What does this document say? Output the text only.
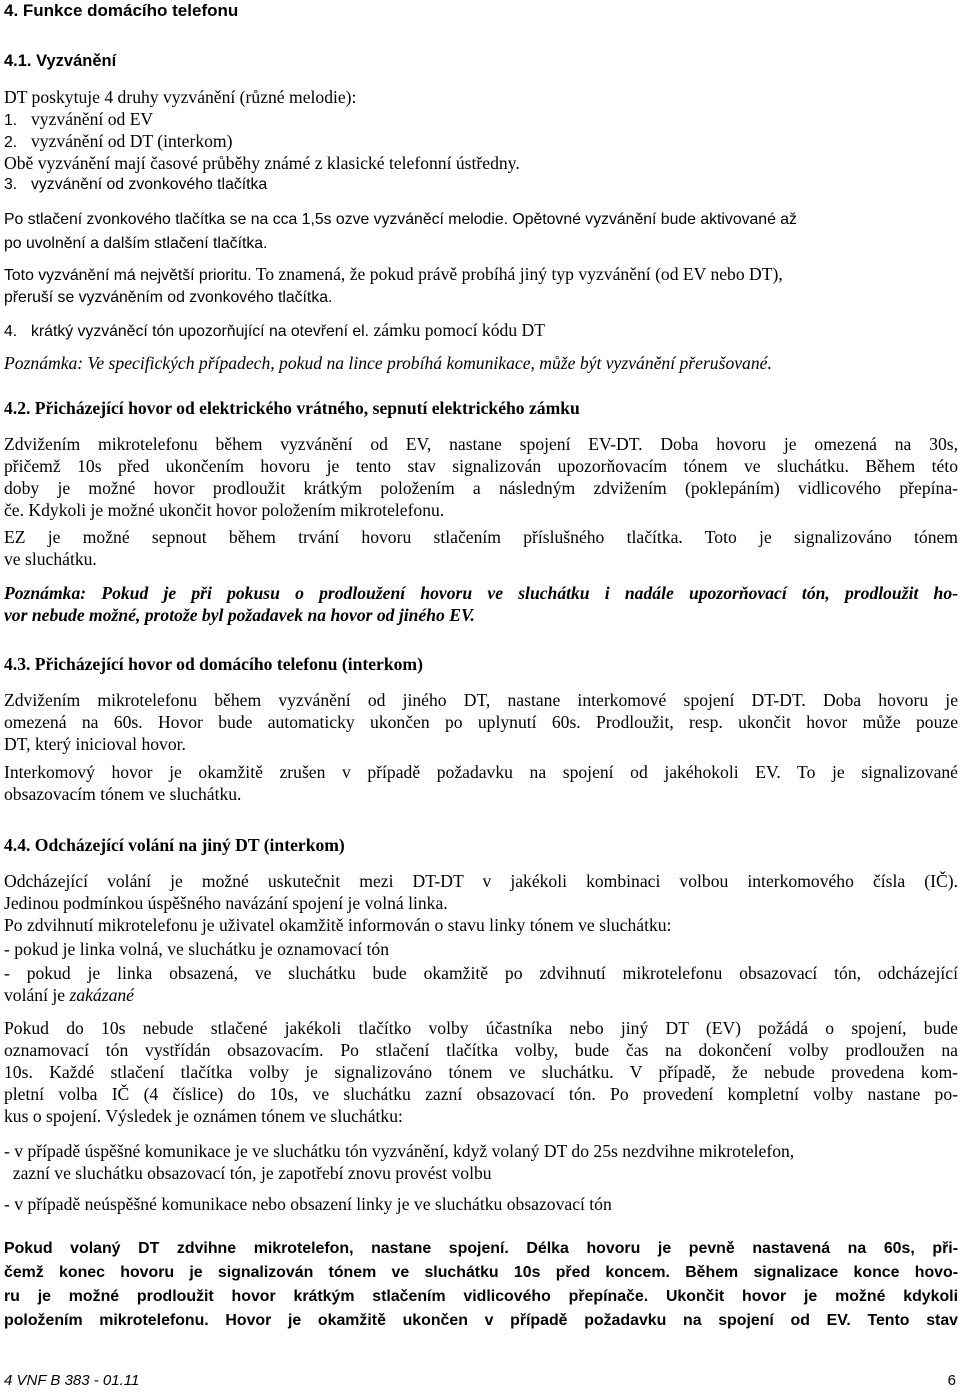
4. Funkce domácího telefonu
4.1. Vyzvánění
DT poskytuje 4 druhy vyzvánění (různé melodie):
1. vyzvánění od EV
2. vyzvánění od DT (interkom)
Obě vyzvánění mají časové průběhy známé z klasické telefonní ústředny.
3. vyzvánění od zvonkového tlačítka
Po stlačení zvonkového tlačítka se na cca 1,5s ozve vyzváněcí melodie. Opětovné vyzvánění bude aktivované až
po uvolnění a dalším stlačení tlačítka.
Toto vyzvánění má největší prioritu. To znamená, že pokud právě probíhá jiný typ vyzvánění (od EV nebo DT),
přeruší se vyzváněním od zvonkového tlačítka.
4. krátký vyzváněcí tón upozorňující na otevření el. zámku pomocí kódu DT
Poznámka: Ve specifických případech, pokud na lince probíhá komunikace, může být vyzvánění přerušované.
4.2. Přicházející hovor od elektrického vrátného, sepnutí elektrického zámku
Zdvižením mikrotelefonu během vyzvánění od EV, nastane spojení EV-DT. Doba hovoru je omezená na 30s,
přičemž 10s před ukončením hovoru je tento stav signalizován upozorňovacím tónem ve sluchátku. Během této
doby je možné hovor prodloužit krátkým položením a následným zdvižením (poklepáním) vidlicového přepína-
če. Kdykoli je možné ukončit hovor položením mikrotelefonu.
EZ je možné sepnout během trvání hovoru stlačením příslušného tlačítka. Toto je signalizováno tónem
ve sluchátku.
Poznámka: Pokud je při pokusu o prodloužení hovoru ve sluchátku i nadále upozorňovací tón, prodloužit ho-
vor nebude možné, protože byl požadavek na hovor od jiného EV.
4.3. Přicházející hovor od domácího telefonu (interkom)
Zdvižením mikrotelefonu během vyzvánění od jiného DT, nastane interkomové spojení DT-DT. Doba hovoru je
omezená na 60s. Hovor bude automaticky ukončen po uplynutí 60s. Prodloužit, resp. ukončit hovor může pouze
DT, který inicioval hovor.
Interkomový hovor je okamžitě zrušen v případě požadavku na spojení od jakéhokoli EV. To je signalizované
obsazovacím tónem ve sluchátku.
4.4. Odcházející volání na jiný DT (interkom)
Odcházející volání je možné uskutečnit mezi DT-DT v jakékoli kombinaci volbou interkomového čísla (IČ).
Jedinou podmínkou úspěšného navázání spojení je volná linka.
Po zdvihnutí mikrotelefonu je uživatel okamžitě informován o stavu linky tónem ve sluchátku:
- pokud je linka volná, ve sluchátku je oznamovací tón
- pokud je linka obsazená, ve sluchátku bude okamžitě po zdvihnutí mikrotelefonu obsazovací tón, odcházející
volání je zakázané
Pokud do 10s nebude stlačené jakékoli tlačítko volby účastníka nebo jiný DT (EV) požádá o spojení, bude
oznamovací tón vystřídán obsazovacím. Po stlačení tlačítka volby, bude čas na dokončení volby prodloužen na
10s. Každé stlačení tlačítka volby je signalizováno tónem ve sluchátku. V případě, že nebude provedena kom-
pletní volba IČ (4 číslice) do 10s, ve sluchátku zazní obsazovací tón. Po provedení kompletní volby nastane po-
kus o spojení. Výsledek je oznámen tónem ve sluchátku:
- v případě úspěšné komunikace je ve sluchátku tón vyzvánění, když volaný DT do 25s nezdvihne mikrotelefon,
zazní ve sluchátku obsazovací tón, je zapotřebí znovu provést volbu
- v případě neúspěšné komunikace nebo obsazení linky je ve sluchátku obsazovací tón
Pokud volaný DT zdvihne mikrotelefon, nastane spojení. Délka hovoru je pevně nastavená na 60s, při-
čemž konec hovoru je signalizován tónem ve sluchátku 10s před koncem. Během signalizace konce hovo-
ru je možné prodloužit hovor krátkým stlačením vidlicového přepínače. Ukončit hovor je možné kdykoli
položením mikrotelefonu. Hovor je okamžitě ukončen v případě požadavku na spojení od EV. Tento stav
4 VNF B 383 - 01.11	6
